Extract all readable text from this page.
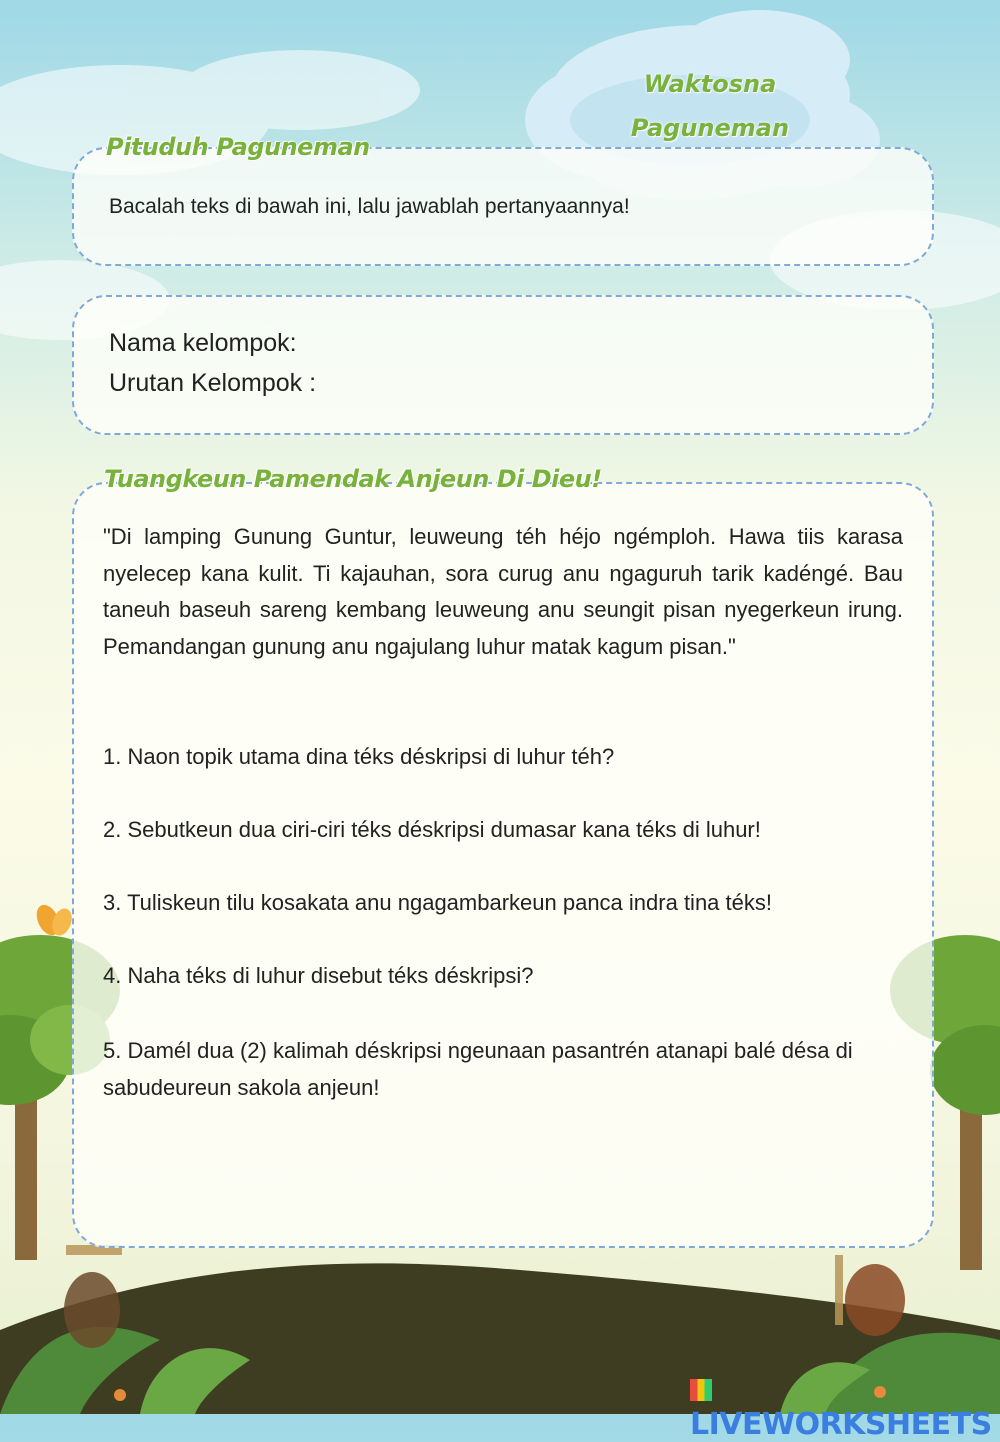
Waktosna
Paguneman
Pituduh Paguneman
Bacalah teks di bawah ini, lalu jawablah pertanyaannya!
Nama kelompok:
Urutan Kelompok :
Tuangkeun Pamendak Anjeun Di Dieu!
"Di lamping Gunung Guntur, leuweung téh héjo ngémploh. Hawa tiis karasa nyelecep kana kulit. Ti kajauhan, sora curug anu ngaguruh tarik kadéngé. Bau taneuh baseuh sareng kembang leuweung anu seungit pisan nyegerkeun irung. Pemandangan gunung anu ngajulang luhur matak kagum pisan."
1. Naon topik utama dina téks déskripsi di luhur téh?
2. Sebutkeun dua ciri-ciri téks déskripsi dumasar kana téks di luhur!
3. Tuliskeun tilu kosakata anu ngagambarkeun panca indra tina téks!
4. Naha téks di luhur disebut téks déskripsi?
5. Damél dua (2) kalimah déskripsi ngeunaan pasantrén atanapi balé désa di sabudeureun sakola anjeun!
LIVEWORKSHEETS
